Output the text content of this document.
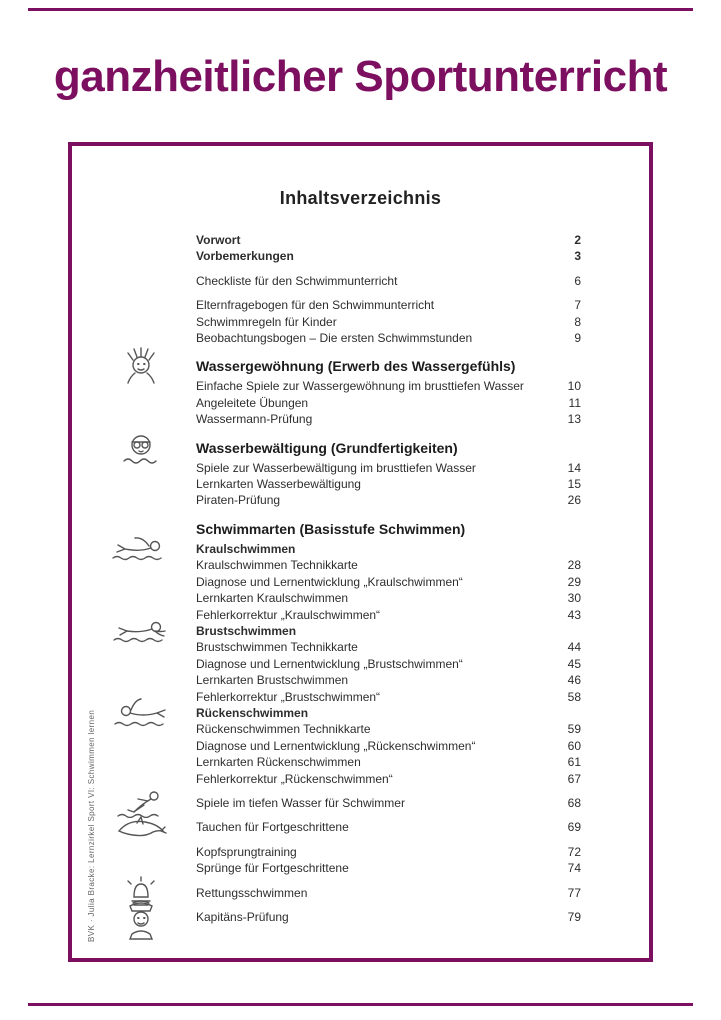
ganzheitlicher Sportunterricht
Inhaltsverzeichnis
Vorwort	2
Vorbemerkungen	3
Checkliste für den Schwimmunterricht	6
Elternfragebogen für den Schwimmunterricht	7
Schwimmregeln für Kinder	8
Beobachtungsbogen – Die ersten Schwimmstunden	9
Wassergewöhnung (Erwerb des Wassergefühls)
Einfache Spiele zur Wassergewöhnung im brusttiefen Wasser	10
Angeleitete Übungen	11
Wassermann-Prüfung	13
Wasserbewältigung (Grundfertigkeiten)
Spiele zur Wasserbewältigung im brusttiefen Wasser	14
Lernkarten Wasserbewältigung	15
Piraten-Prüfung	26
Schwimmarten (Basisstufe Schwimmen)
Kraulschwimmen
Kraulschwimmen Technikkarte	28
Diagnose und Lernentwicklung „Kraulschwimmen“	29
Lernkarten Kraulschwimmen	30
Fehlerkorrektur „Kraulschwimmen“	43
Brustschwimmen
Brustschwimmen Technikkarte	44
Diagnose und Lernentwicklung „Brustschwimmen“	45
Lernkarten Brustschwimmen	46
Fehlerkorrektur „Brustschwimmen“	58
Rückenschwimmen
Rückenschwimmen Technikkarte	59
Diagnose und Lernentwicklung „Rückenschwimmen“	60
Lernkarten Rückenschwimmen	61
Fehlerkorrektur „Rückenschwimmen“	67
Spiele im tiefen Wasser für Schwimmer	68
Tauchen für Fortgeschrittene	69
Kopfsprungtraining	72
Sprünge für Fortgeschrittene	74
Rettungsschwimmen	77
Kapitäns-Prüfung	79
BVK · Julia Bracke: Lernzirkel Sport VI: Schwimmen lernen
